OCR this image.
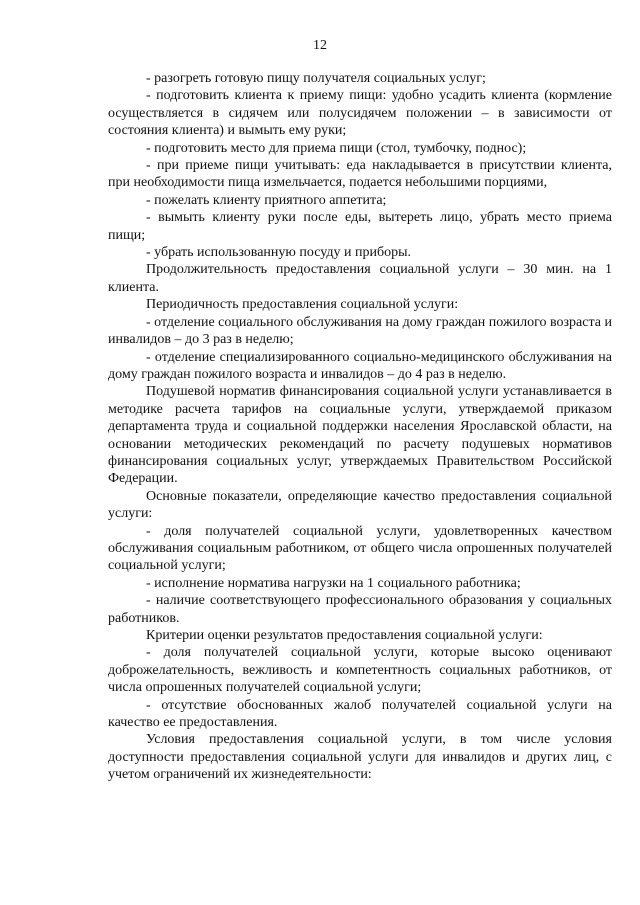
12

- разогреть готовую пищу получателя социальных услуг;

- подготовить клиента к приему пищи: удобно усадить клиента (кормление осуществляется в сидячем или полусидячем положении – в зависимости от состояния клиента) и вымыть ему руки;

- подготовить место для приема пищи (стол, тумбочку, поднос);

- при приеме пищи учитывать: еда накладывается в присутствии клиента, при необходимости пища измельчается, подается небольшими порциями,

- пожелать клиенту приятного аппетита;

- вымыть клиенту руки после еды, вытереть лицо, убрать место приема пищи;

- убрать использованную посуду и приборы.

Продолжительность предоставления социальной услуги – 30 мин. на 1 клиента.

Периодичность предоставления социальной услуги:

- отделение социального обслуживания на дому граждан пожилого возраста и инвалидов – до 3 раз в неделю;

- отделение специализированного социально-медицинского обслуживания на дому граждан пожилого возраста и инвалидов – до 4 раз в неделю.

Подушевой норматив финансирования социальной услуги устанавливается в методике расчета тарифов на социальные услуги, утверждаемой приказом департамента труда и социальной поддержки населения Ярославской области, на основании методических рекомендаций по расчету подушевых нормативов финансирования социальных услуг, утверждаемых Правительством Российской Федерации.

Основные показатели, определяющие качество предоставления социальной услуги:

- доля получателей социальной услуги, удовлетворенных качеством обслуживания социальным работником, от общего числа опрошенных получателей социальной услуги;

- исполнение норматива нагрузки на 1 социального работника;

- наличие соответствующего профессионального образования у социальных работников.

Критерии оценки результатов предоставления социальной услуги:

- доля получателей социальной услуги, которые высоко оценивают доброжелательность, вежливость и компетентность социальных работников, от числа опрошенных получателей социальной услуги;

- отсутствие обоснованных жалоб получателей социальной услуги на качество ее предоставления.

Условия предоставления социальной услуги, в том числе условия доступности предоставления социальной услуги для инвалидов и других лиц, с учетом ограничений их жизнедеятельности:
